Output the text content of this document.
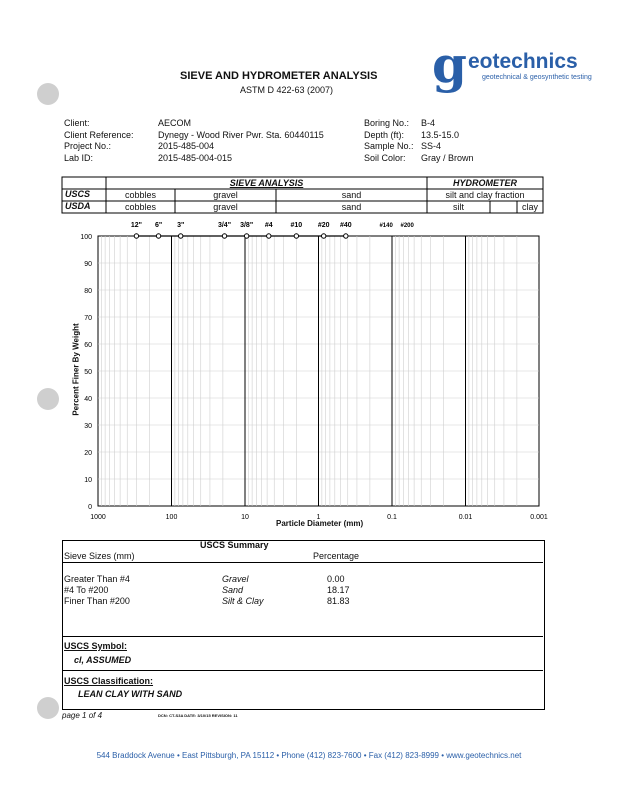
g eotechnics
geotechnical & geosynthetic testing
SIEVE AND HYDROMETER ANALYSIS
ASTM D 422-63 (2007)
Client:	AECOM
Client Reference:	Dynegy - Wood River Pwr. Sta. 60440115
Project No.:	2015-485-004
Lab ID:	2015-485-004-015
Boring No.: B-4
Depth (ft): 13.5-15.0
Sample No.: SS-4
Soil Color: Gray / Brown
0
10
20
30
40
50
60
70
80
90
100
1000	100	10	1	0.1	0.01	0.001
12" 6" 3"	3/4" 3/8" #4	#10 #20 #40	#140 #200
SIEVE ANALYSIS	HYDROMETER
USCS	cobbles	gravel	sand	silt and clay fraction
USDA	cobbles	gravel	sand	silt	clay
Particle Diameter (mm)
Percent Finer By Weight
USCS Summary
Sieve Sizes (mm)	Percentage
Greater Than #4	Gravel	0.00
#4 To #200	Sand	18.17
Finer Than #200	Silt & Clay	81.83
USCS Symbol:
cl, ASSUMED
USCS Classification:
LEAN CLAY WITH SAND
page 1 of 4	DCN: CT-S3A DATE: 3/10/15 REVISION: 11
544 Braddock Avenue • East Pittsburgh, PA 15112 • Phone (412) 823-7600 • Fax (412) 823-8999 • www.geotechnics.net
